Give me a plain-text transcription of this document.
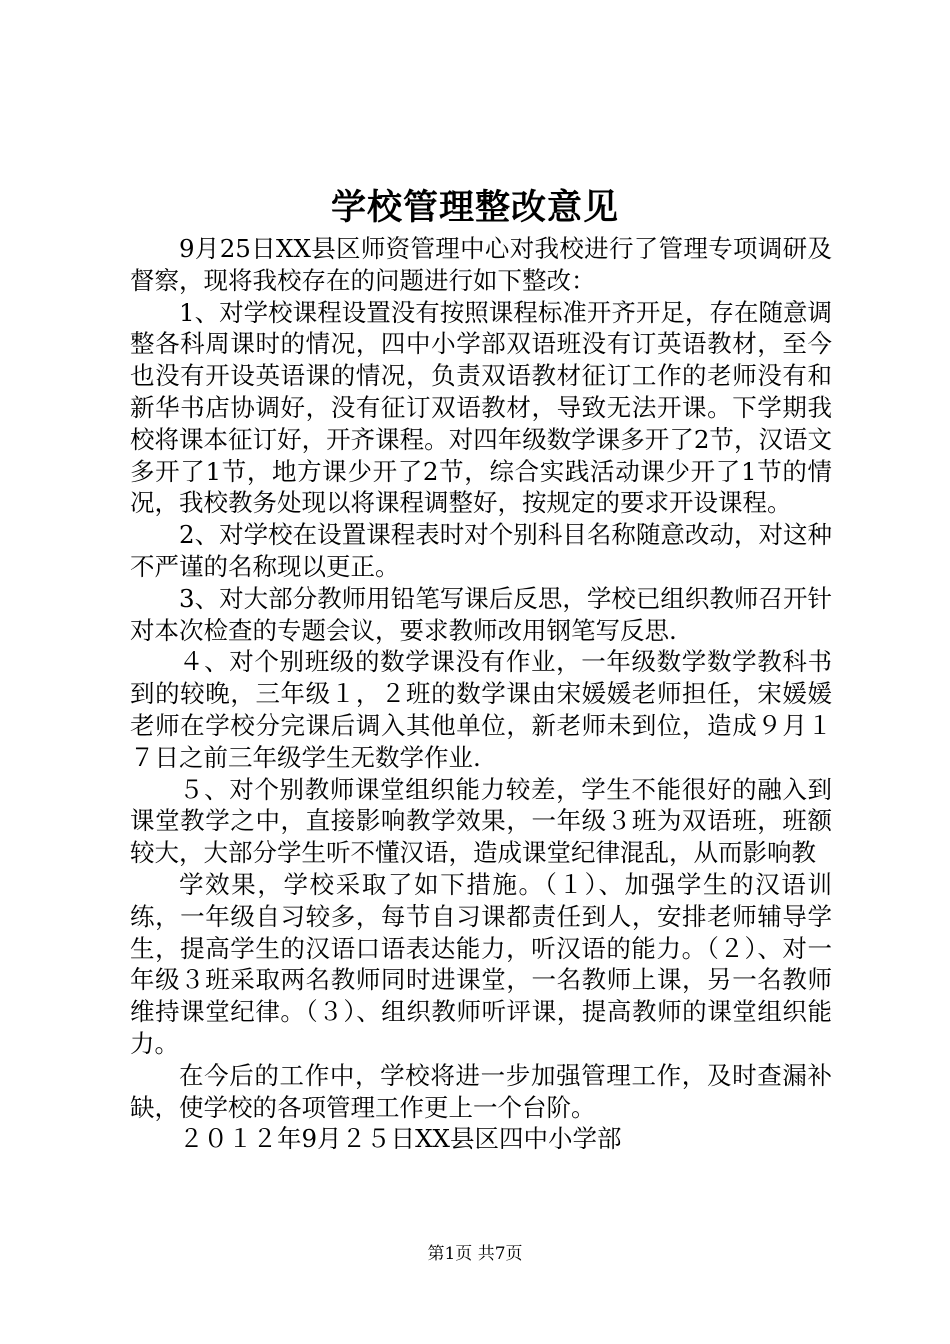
学校管理整改意见

9月25日XX县区师资管理中心对我校进行了管理专项调研及督察，现将我校存在的问题进行如下整改：

1、对学校课程设置没有按照课程标准开齐开足，存在随意调整各科周课时的情况，四中小学部双语班没有订英语教材，至今也没有开设英语课的情况，负责双语教材征订工作的老师没有和新华书店协调好，没有征订双语教材，导致无法开课。下学期我校将课本征订好，开齐课程。对四年级数学课多开了2节，汉语文多开了1节，地方课少开了2节，综合实践活动课少开了1节的情况，我校教务处现以将课程调整好，按规定的要求开设课程。

2、对学校在设置课程表时对个别科目名称随意改动，对这种不严谨的名称现以更正。

3、对大部分教师用铅笔写课后反思，学校已组织教师召开针对本次检查的专题会议，要求教师改用钢笔写反思.

４、对个别班级的数学课没有作业，一年级数学数学教科书到的较晚，三年级１，２班的数学课由宋媛媛老师担任，宋媛媛老师在学校分完课后调入其他单位，新老师未到位，造成９月１７日之前三年级学生无数学作业.

５、对个别教师课堂组织能力较差，学生不能很好的融入到课堂教学之中，直接影响教学效果，一年级３班为双语班，班额较大，大部分学生听不懂汉语，造成课堂纪律混乱，从而影响教

学效果，学校采取了如下措施。（１）、加强学生的汉语训练，一年级自习较多，每节自习课都责任到人，安排老师辅导学生，提高学生的汉语口语表达能力，听汉语的能力。（２）、对一年级３班采取两名教师同时进课堂，一名教师上课，另一名教师维持课堂纪律。（３）、组织教师听评课，提高教师的课堂组织能力。

在今后的工作中，学校将进一步加强管理工作，及时查漏补缺，使学校的各项管理工作更上一个台阶。

２０１２年9月２５日XX县区四中小学部

第1页 共7页
